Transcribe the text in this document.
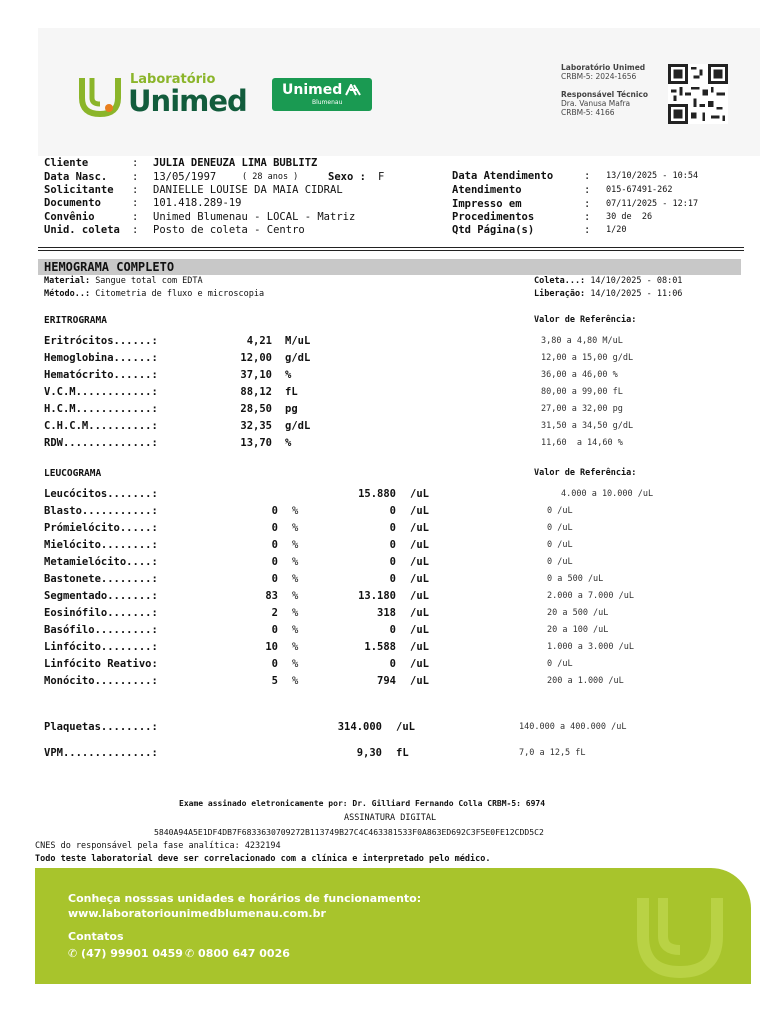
Laboratório
Unimed	Unimed
Blumenau
Laboratório Unimed
CRBM-5: 2024-1656
Responsável Técnico
Dra. Vanusa Mafra
CRBM-5: 4166
Cliente	: JULIA DENEUZA LIMA BUBLITZ
Data Nasc. : 13/05/1997	( 28 anos )	Sexo : F
Solicitante : DANIELLE LOUISE DA MAIA CIDRAL
Documento	: 101.418.289-19
Convênio	: Unimed Blumenau - LOCAL - Matriz
Unid. coleta : Posto de coleta - Centro
Data Atendimento	: 13/10/2025 - 10:54
Atendimento	: 015-67491-262
Impresso em	: 07/11/2025 - 12:17
Procedimentos	: 30 de  26
Qtd Página(s)	: 1/20
HEMOGRAMA COMPLETO
Material: Sangue total com EDTA
Método..: Citometria de fluxo e microscopia
Coleta...: 14/10/2025 - 08:01
Liberação: 14/10/2025 - 11:06
ERITROGRAMA	Valor de Referência:
Eritrócitos......:	4,21 M/uL	3,80 a 4,80 M/uL
Hemoglobina......:	12,00 g/dL	12,00 a 15,00 g/dL
Hematócrito......:	37,10 %	36,00 a 46,00 %
V.C.M............:	88,12 fL	80,00 a 99,00 fL
H.C.M............:	28,50 pg	27,00 a 32,00 pg
C.H.C.M..........:	32,35 g/dL	31,50 a 34,50 g/dL
RDW..............:	13,70 %	11,60  a 14,60 %
LEUCOGRAMA	Valor de Referência:
Leucócitos.......:	15.880 /uL	4.000 a 10.000 /uL
Blasto...........:	0 %	0 /uL	0 /uL
Prómielócito.....:	0 %	0 /uL	0 /uL
Mielócito........:	0 %	0 /uL	0 /uL
Metamielócito....:	0 %	0 /uL	0 /uL
Bastonete........:	0 %	0 /uL	0 a 500 /uL
Segmentado.......:	83 %	13.180 /uL	2.000 a 7.000 /uL
Eosinófilo.......:	2 %	318 /uL	20 a 500 /uL
Basófilo.........:	0 %	0 /uL	20 a 100 /uL
Linfócito........:	10 %	1.588 /uL	1.000 a 3.000 /uL
Linfócito Reativo:	0 %	0 /uL	0 /uL
Monócito.........:	5 %	794 /uL	200 a 1.000 /uL
Plaquetas........:	314.000 /uL	140.000 a 400.000 /uL
VPM..............:	9,30 fL	7,0 a 12,5 fL
Exame assinado eletronicamente por: Dr. Gilliard Fernando Colla CRBM-5: 6974
ASSINATURA DIGITAL
5840A94A5E1DF4DB7F6833630709272B113749B27C4C463381533F0A863ED692C3F5E0FE12CDD5C2
CNES do responsável pela fase analítica: 4232194
Todo teste laboratorial deve ser correlacionado com a clínica e interpretado pelo médico.
Conheça nosssas unidades e horários de funcionamento:
www.laboratoriounimedblumenau.com.br
Contatos
✆ (47) 99901 0459 ✆ 0800 647 0026
